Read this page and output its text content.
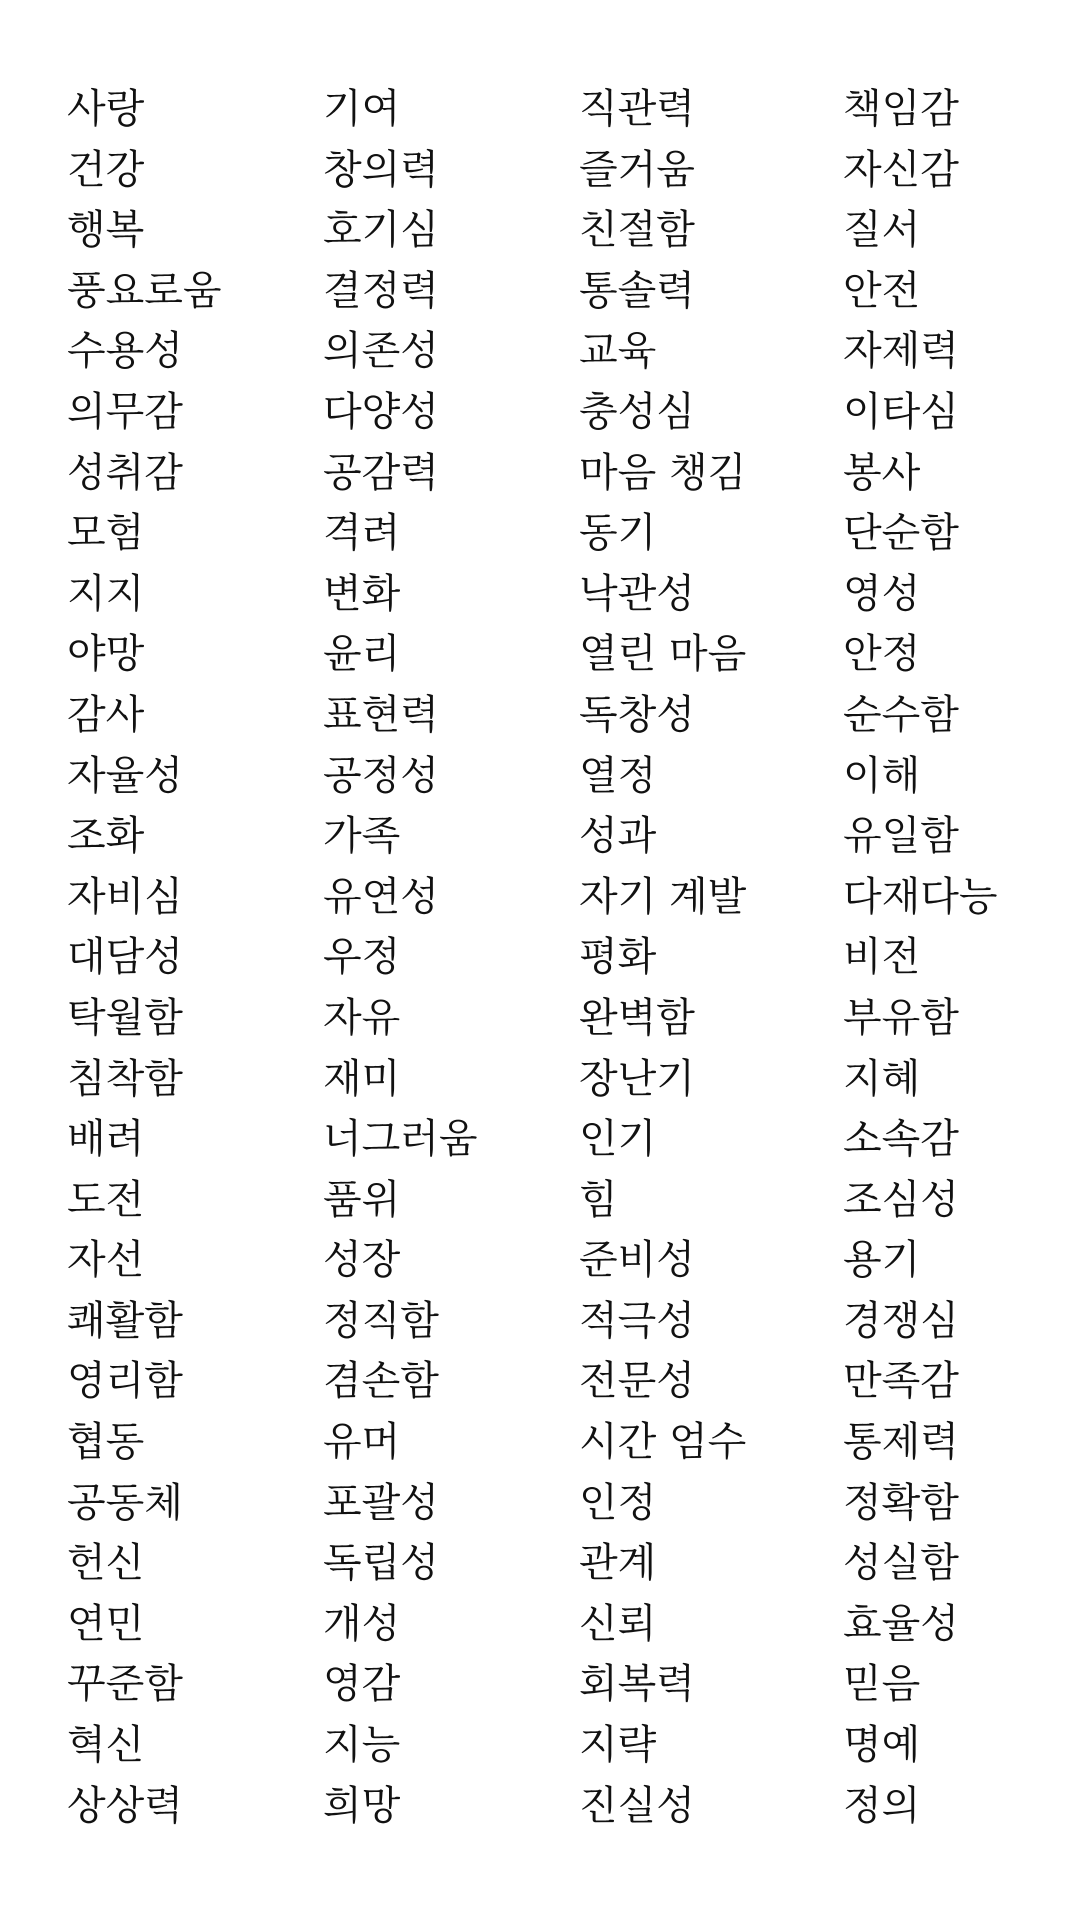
사랑	기여	직관력	책임감
건강	창의력	즐거움	자신감
행복	호기심	친절함	질서
풍요로움	결정력	통솔력	안전
수용성	의존성	교육	자제력
의무감	다양성	충성심	이타심
성취감	공감력	마음 챙김	봉사
모험	격려	동기	단순함
지지	변화	낙관성	영성
야망	윤리	열린 마음	안정
감사	표현력	독창성	순수함
자율성	공정성	열정	이해
조화	가족	성과	유일함
자비심	유연성	자기 계발	다재다능
대담성	우정	평화	비전
탁월함	자유	완벽함	부유함
침착함	재미	장난기	지혜
배려	너그러움	인기	소속감
도전	품위	힘	조심성
자선	성장	준비성	용기
쾌활함	정직함	적극성	경쟁심
영리함	겸손함	전문성	만족감
협동	유머	시간 엄수	통제력
공동체	포괄성	인정	정확함
헌신	독립성	관계	성실함
연민	개성	신뢰	효율성
꾸준함	영감	회복력	믿음
혁신	지능	지략	명예
상상력	희망	진실성	정의
